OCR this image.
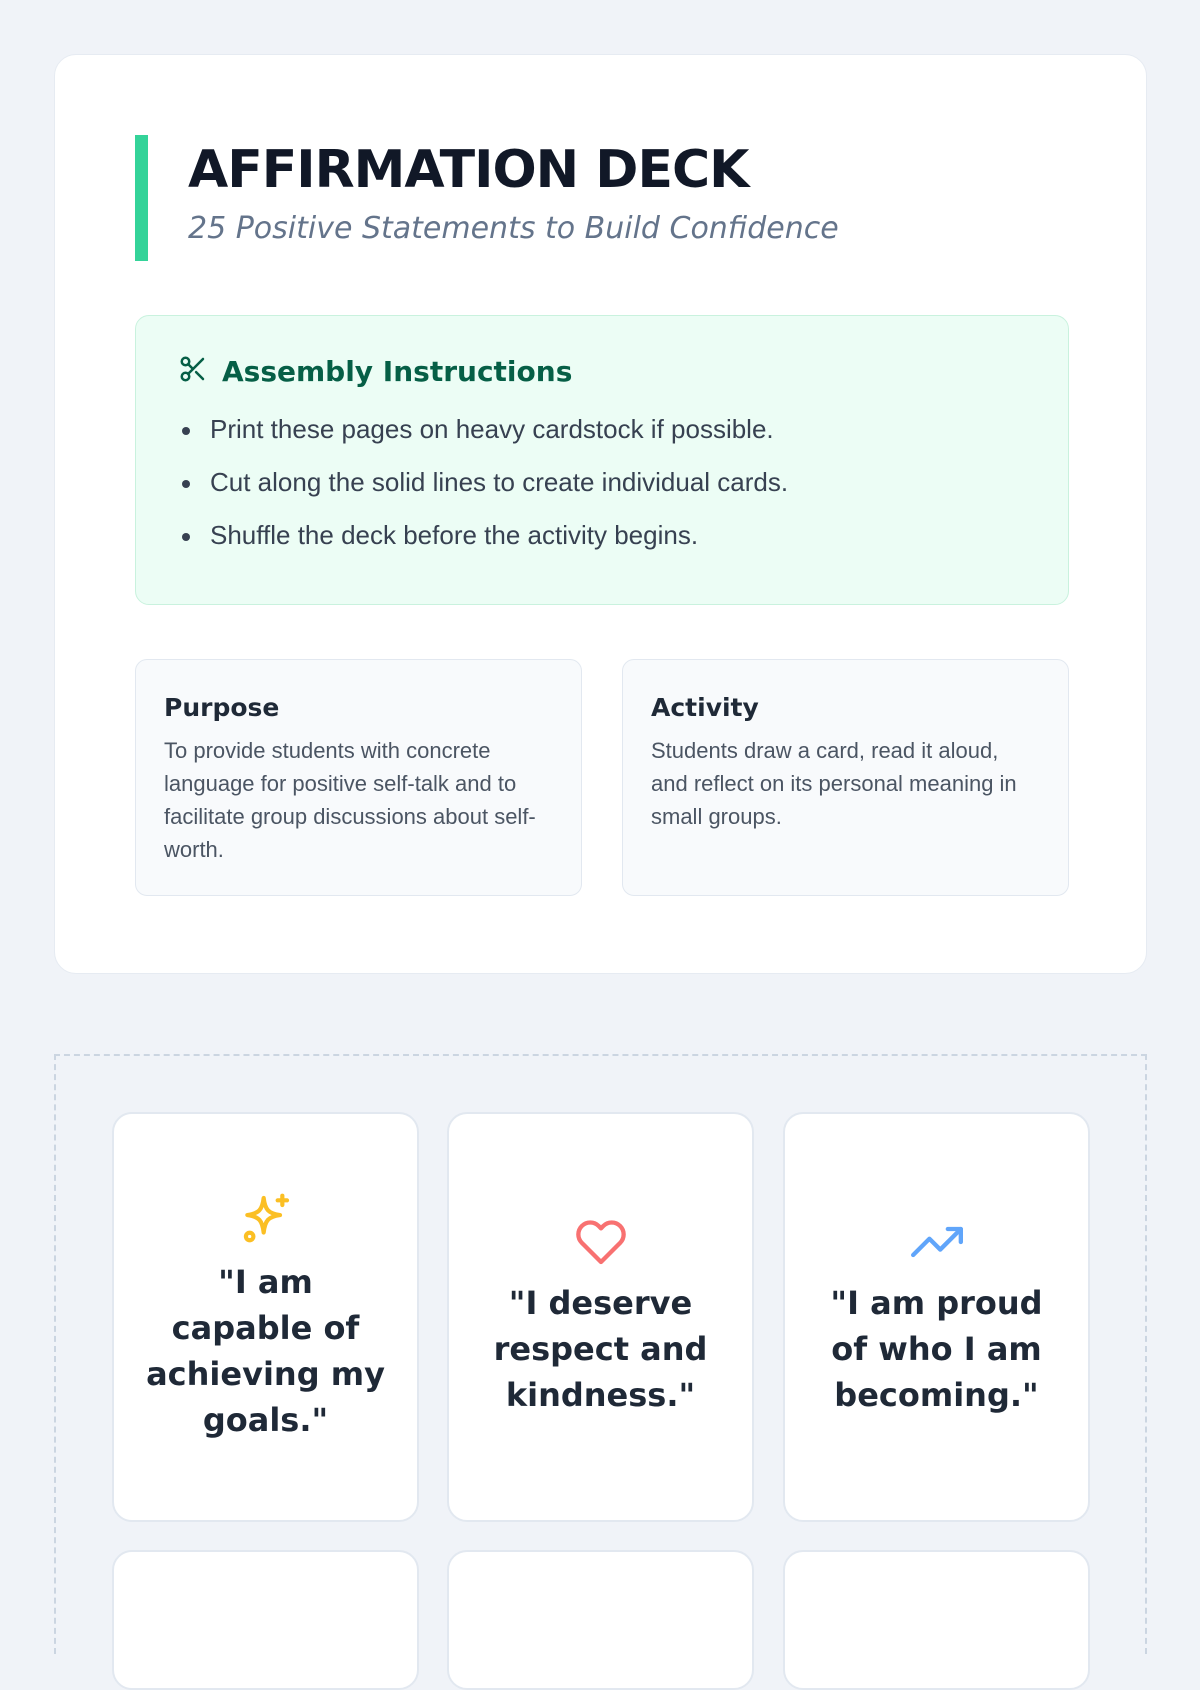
AFFIRMATION DECK
25 Positive Statements to Build Confidence
Assembly Instructions
Print these pages on heavy cardstock if possible.
Cut along the solid lines to create individual cards.
Shuffle the deck before the activity begins.
Purpose
To provide students with concrete language for positive self-talk and to facilitate group discussions about self-worth.
Activity
Students draw a card, read it aloud, and reflect on its personal meaning in small groups.
"I am capable of achieving my goals."
"I deserve respect and kindness."
"I am proud of who I am becoming."
